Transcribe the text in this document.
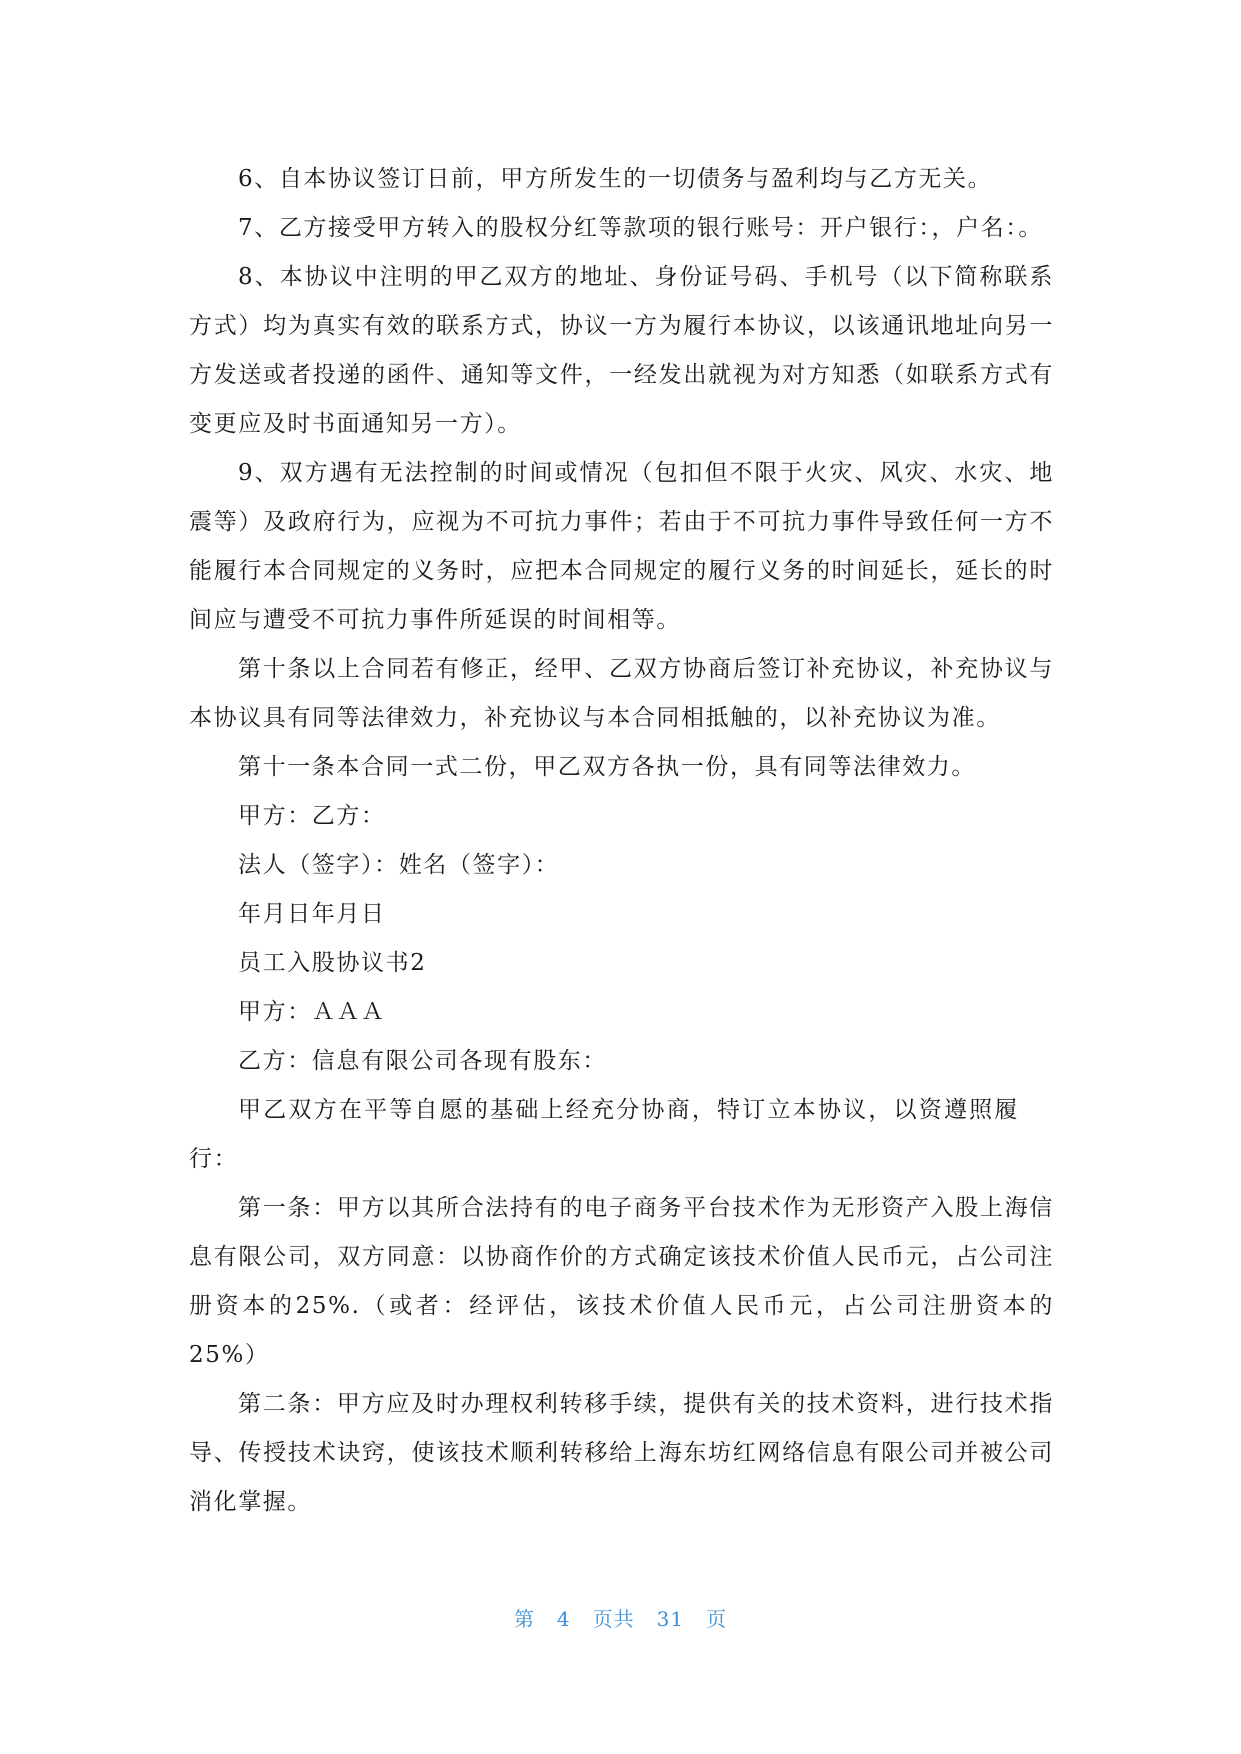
6、自本协议签订日前，甲方所发生的一切债务与盈利均与乙方无关。

7、乙方接受甲方转入的股权分红等款项的银行账号：开户银行：，户名：。

8、本协议中注明的甲乙双方的地址、身份证号码、手机号（以下简称联系方式）均为真实有效的联系方式，协议一方为履行本协议，以该通讯地址向另一方发送或者投递的函件、通知等文件，一经发出就视为对方知悉（如联系方式有变更应及时书面通知另一方）。

9、双方遇有无法控制的时间或情况（包扣但不限于火灾、风灾、水灾、地震等）及政府行为，应视为不可抗力事件；若由于不可抗力事件导致任何一方不能履行本合同规定的义务时，应把本合同规定的履行义务的时间延长，延长的时间应与遭受不可抗力事件所延误的时间相等。

第十条以上合同若有修正，经甲、乙双方协商后签订补充协议，补充协议与本协议具有同等法律效力，补充协议与本合同相抵触的，以补充协议为准。

第十一条本合同一式二份，甲乙双方各执一份，具有同等法律效力。

甲方：乙方：

法人（签字）：姓名（签字）：

年月日年月日

员工入股协议书2

甲方：ＡＡＡ

乙方：信息有限公司各现有股东：

甲乙双方在平等自愿的基础上经充分协商，特订立本协议，以资遵照履行：

第一条：甲方以其所合法持有的电子商务平台技术作为无形资产入股上海信息有限公司，双方同意：以协商作价的方式确定该技术价值人民币元，占公司注册资本的25%.（或者：经评估，该技术价值人民币元，占公司注册资本的25%）

第二条：甲方应及时办理权利转移手续，提供有关的技术资料，进行技术指导、传授技术诀窍，使该技术顺利转移给上海东坊红网络信息有限公司并被公司消化掌握。

第 4 页共 31 页
